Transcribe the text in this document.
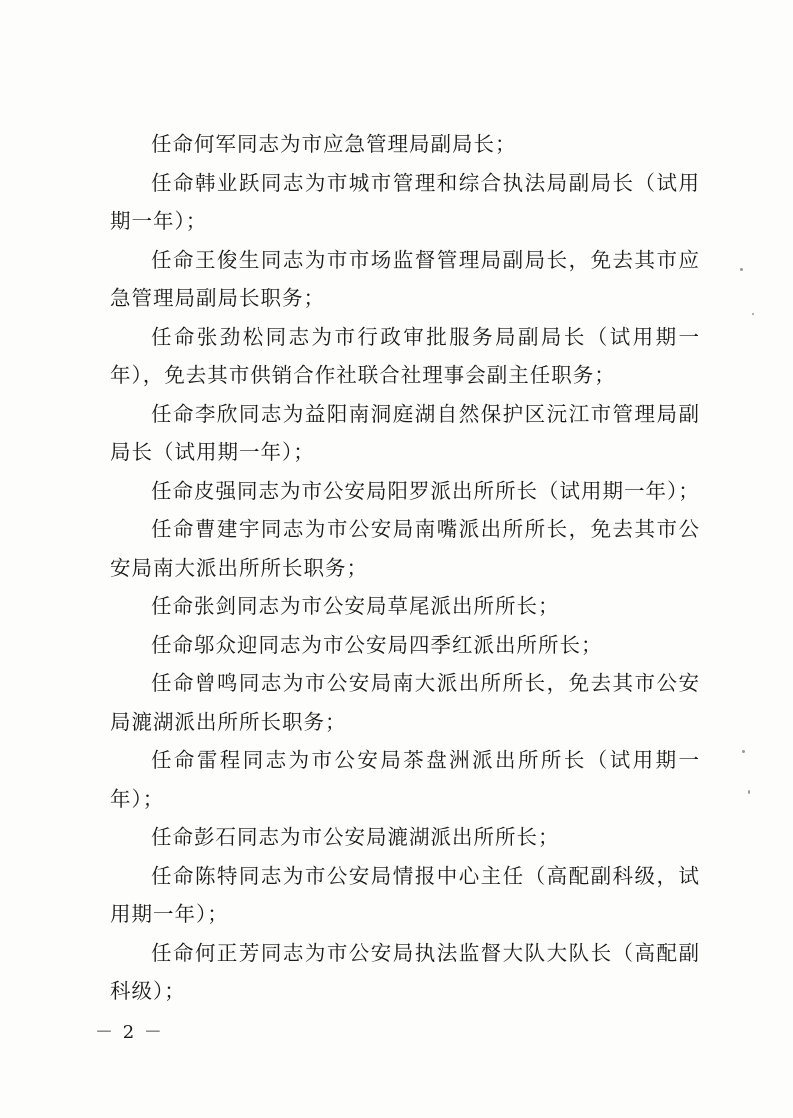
任命何军同志为市应急管理局副局长；

任命韩业跃同志为市城市管理和综合执法局副局长（试用期一年）；

任命王俊生同志为市市场监督管理局副局长，免去其市应急管理局副局长职务；

任命张劲松同志为市行政审批服务局副局长（试用期一年），免去其市供销合作社联合社理事会副主任职务；

任命李欣同志为益阳南洞庭湖自然保护区沅江市管理局副局长（试用期一年）；

任命皮强同志为市公安局阳罗派出所所长（试用期一年）；

任命曹建宇同志为市公安局南嘴派出所所长，免去其市公安局南大派出所所长职务；

任命张剑同志为市公安局草尾派出所所长；

任命邬众迎同志为市公安局四季红派出所所长；

任命曾鸣同志为市公安局南大派出所所长，免去其市公安局漉湖派出所所长职务；

任命雷程同志为市公安局茶盘洲派出所所长（试用期一年）；

任命彭石同志为市公安局漉湖派出所所长；

任命陈特同志为市公安局情报中心主任（高配副科级，试用期一年）；

任命何正芳同志为市公安局执法监督大队大队长（高配副科级）；

－ 2 －
